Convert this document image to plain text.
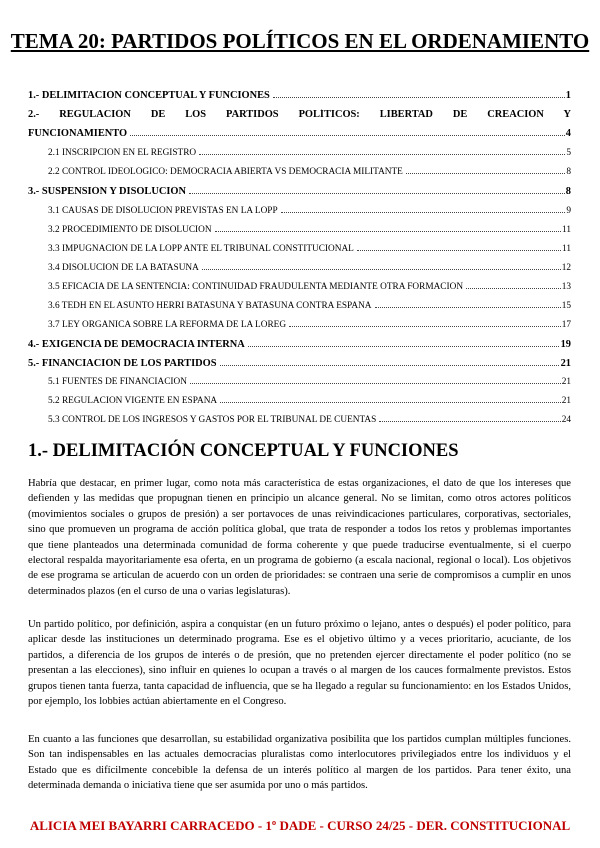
TEMA 20: PARTIDOS POLÍTICOS EN EL ORDENAMIENTO
1.- DELIMITACIÓN CONCEPTUAL Y FUNCIONES	1
2.- REGULACIÓN DE LOS PARTIDOS POLÍTICOS: LIBERTAD DE CREACIÓN Y
FUNCIONAMIENTO	4
2.1 INSCRIPCIÓN EN EL REGISTRO	5
2.2 CONTROL IDEOLÓGICO: DEMOCRACIA ABIERTA VS DEMOCRACIA MILITANTE	8
3.- SUSPENSIÓN Y DISOLUCIÓN	8
3.1 CAUSAS DE DISOLUCIÓN PREVISTAS EN LA LOPP	9
3.2 PROCEDIMIENTO DE DISOLUCIÓN	11
3.3 IMPUGNACIÓN DE LA LOPP ANTE EL TRIBUNAL CONSTITUCIONAL	11
3.4 DISOLUCIÓN DE LA BATASUNA	12
3.5 EFICACIA DE LA SENTENCIA: CONTINUIDAD FRAUDULENTA MEDIANTE OTRA FORMACIÓN	13
3.6 TEDH EN EL ASUNTO HERRI BATASUNA Y BATASUNA CONTRA ESPAÑA	15
3.7 LEY ORGÁNICA SOBRE LA REFORMA DE LA LOREG	17
4.- EXIGENCIA DE DEMOCRACIA INTERNA	19
5.- FINANCIACIÓN DE LOS PARTIDOS	21
5.1 FUENTES DE FINANCIACIÓN	21
5.2 REGULACIÓN VIGENTE EN ESPAÑA	21
5.3 CONTROL DE LOS INGRESOS Y GASTOS POR EL TRIBUNAL DE CUENTAS	24
1.- DELIMITACIÓN CONCEPTUAL Y FUNCIONES

Habría que destacar, en primer lugar, como nota más característica de estas organizaciones, el dato de que los intereses que defienden y las medidas que propugnan tienen en principio un alcance general. No se limitan, como otros actores políticos (movimientos sociales o grupos de presión) a ser portavoces de unas reivindicaciones particulares, corporativas, sectoriales, sino que promueven un programa de acción política global, que trata de responder a todos los retos y problemas importantes que tiene planteados una determinada comunidad de forma coherente y que puede traducirse eventualmente, si el cuerpo electoral respalda mayoritariamente esa oferta, en un programa de gobierno (a escala nacional, regional o local). Los objetivos de ese programa se articulan de acuerdo con un orden de prioridades: se contraen una serie de compromisos a cumplir en unos determinados plazos (en el curso de una o varias legislaturas).

Un partido político, por definición, aspira a conquistar (en un futuro próximo o lejano, antes o después) el poder político, para aplicar desde las instituciones un determinado programa. Ese es el objetivo último y a veces prioritario, acuciante, de los partidos, a diferencia de los grupos de interés o de presión, que no pretenden ejercer directamente el poder político (no se presentan a las elecciones), sino influir en quienes lo ocupan a través o al margen de los cauces formalmente previstos. Estos grupos tienen tanta fuerza, tanta capacidad de influencia, que se ha llegado a regular su funcionamiento: en los Estados Unidos, por ejemplo, los lobbies actúan abiertamente en el Congreso.

En cuanto a las funciones que desarrollan, su estabilidad organizativa posibilita que los partidos cumplan múltiples funciones. Son tan indispensables en las actuales democracias pluralistas como interlocutores privilegiados entre los individuos y el Estado que es difícilmente concebible la defensa de un interés político al margen de los partidos. Para tener éxito, una determinada demanda o iniciativa tiene que ser asumida por uno o más partidos.

ALICIA MEI BAYARRI CARRACEDO - 1º DADE - CURSO 24/25 - DER. CONSTITUCIONAL
